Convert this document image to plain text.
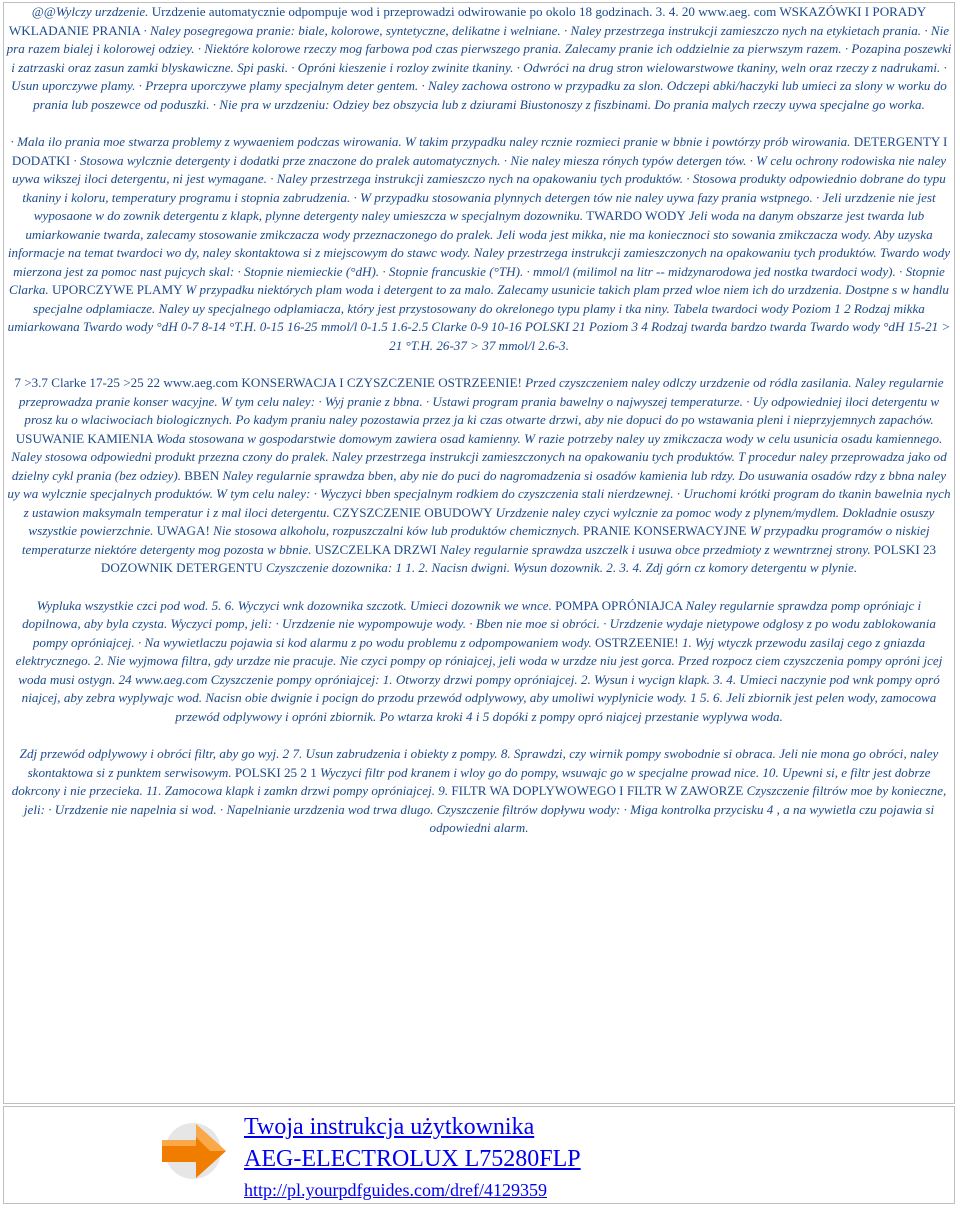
@@Wylczy urzdzenie. Urzdzenie automatycznie odpompuje wod i przeprowadzi odwirowanie po okolo 18 godzinach. 3. 4. 20 www.aeg. com WSKAZÓWKI I PORADY WKLADANIE PRANIA · Naley posegregowa pranie: biale, kolorowe, syntetyczne, delikatne i welniane. · Naley przestrzega instrukcji zamieszczo nych na etykietach prania. · Nie pra razem bialej i kolorowej odziey. · Niektóre kolorowe rzeczy mog farbowa pod czas pierwszego prania. Zalecamy pranie ich oddzielnie za pierwszym razem. · Pozapina poszewki i zatrzaski oraz zasun zamki blyskawiczne. Spi paski. · Opróni kieszenie i rozloy zwinite tkaniny. · Odwróci na drug stron wielowarstwowe tkaniny, weln oraz rzeczy z nadrukami. · Usun uporczywe plamy. · Przepra uporczywe plamy specjalnym deter gentem. · Naley zachowa ostrono w przypadku za slon. Odczepi abki/haczyki lub umieci za slony w worku do prania lub poszewce od poduszki. · Nie pra w urzdzeniu: Odziey bez obszycia lub z dziurami Biustonoszy z fiszbinami. Do prania malych rzeczy uywa specjalne go worka.

· Mala ilo prania moe stwarza problemy z wywaeniem podczas wirowania. W takim przypadku naley rcznie rozmieci pranie w bbnie i powtórzy prób wirowania. DETERGENTY I DODATKI · Stosowa wylcznie detergenty i dodatki prze znaczone do pralek automatycznych. · Nie naley miesza rónych typów detergen tów. · W celu ochrony rodowiska nie naley uywa wikszej iloci detergentu, ni jest wymagane. · Naley przestrzega instrukcji zamieszczo nych na opakowaniu tych produktów. · Stosowa produkty odpowiednio dobrane do typu tkaniny i koloru, temperatury programu i stopnia zabrudzenia. · W przypadku stosowania plynnych detergen tów nie naley uywa fazy prania wstpnego. · Jeli urzdzenie nie jest wyposaone w do zownik detergentu z klapk, plynne detergenty naley umieszcza w specjalnym dozowniku. TWARDO WODY Jeli woda na danym obszarze jest twarda lub umiarkowanie twarda, zalecamy stosowanie zmikczacza wody przeznaczonego do pralek. Jeli woda jest mikka, nie ma koniecznoci sto sowania zmikczacza wody. Aby uzyska informacje na temat twardoci wo dy, naley skontaktowa si z miejscowym do stawc wody. Naley przestrzega instrukcji zamieszczonych na opakowaniu tych produktów. Twardo wody mierzona jest za pomoc nast pujcych skal: · Stopnie niemieckie (°dH). · Stopnie francuskie (°TH). · mmol/l (milimol na litr -- midzynarodowa jed nostka twardoci wody). · Stopnie Clarka. UPORCZYWE PLAMY W przypadku niektórych plam woda i detergent to za malo. Zalecamy usunicie takich plam przed wloe niem ich do urzdzenia. Dostpne s w handlu specjalne odplamiacze. Naley uy specjalnego odplamiacza, który jest przystosowany do okrelonego typu plamy i tka niny. Tabela twardoci wody Poziom 1 2 Rodzaj mikka umiarkowana Twardo wody °dH 0-7 8-14 °T.H. 0-15 16-25 mmol/l 0-1.5 1.6-2.5 Clarke 0-9 10-16 POLSKI 21 Poziom 3 4 Rodzaj twarda bardzo twarda Twardo wody °dH 15-21 > 21 °T.H. 26-37 > 37 mmol/l 2.6-3.

7 >3.7 Clarke 17-25 >25 22 www.aeg.com KONSERWACJA I CZYSZCZENIE OSTRZEENIE! Przed czyszczeniem naley odlczy urzdzenie od ródla zasilania. Naley regularnie przeprowadza pranie konser wacyjne. W tym celu naley: · Wyj pranie z bbna. · Ustawi program prania bawelny o najwyszej temperaturze. · Uy odpowiedniej iloci detergentu w prosz ku o wlaciwociach biologicznych. Po kadym praniu naley pozostawia przez ja ki czas otwarte drzwi, aby nie dopuci do po wstawania pleni i nieprzyjemnych zapachów. USUWANIE KAMIENIA Woda stosowana w gospodarstwie domowym zawiera osad kamienny. W razie potrzeby naley uy zmikczacza wody w celu usunicia osadu kamiennego. Naley stosowa odpowiedni produkt przezna czony do pralek. Naley przestrzega instrukcji zamieszczonych na opakowaniu tych produktów. T procedur naley przeprowadza jako od dzielny cykl prania (bez odziey). BBEN Naley regularnie sprawdza bben, aby nie do puci do nagromadzenia si osadów kamienia lub rdzy. Do usuwania osadów rdzy z bbna naley uy wa wylcznie specjalnych produktów. W tym celu naley: · Wyczyci bben specjalnym rodkiem do czyszczenia stali nierdzewnej. · Uruchomi krótki program do tkanin bawelnia nych z ustawion maksymaln temperatur i z mal iloci detergentu. CZYSZCZENIE OBUDOWY Urzdzenie naley czyci wylcznie za pomoc wody z plynem/mydlem. Dokladnie osuszy wszystkie powierzchnie. UWAGA! Nie stosowa alkoholu, rozpuszczalni ków lub produktów chemicznych. PRANIE KONSERWACYJNE W przypadku programów o niskiej temperaturze niektóre detergenty mog pozosta w bbnie. USZCZELKA DRZWI Naley regularnie sprawdza uszczelk i usuwa obce przedmioty z wewntrznej strony. POLSKI 23 DOZOWNIK DETERGENTU Czyszczenie dozownika: 1 1. 2. Nacisn dwigni. Wysun dozownik. 2. 3. 4. Zdj górn cz komory detergentu w plynie.

Wypluka wszystkie czci pod wod. 5. 6. Wyczyci wnk dozownika szczotk. Umieci dozownik we wnce. POMPA OPRÓNIAJCA Naley regularnie sprawdza pomp opróniajc i dopilnowa, aby byla czysta. Wyczyci pomp, jeli: · Urzdzenie nie wypompowuje wody. · Bben nie moe si obróci. · Urzdzenie wydaje nietypowe odglosy z po wodu zablokowania pompy opróniajcej. · Na wywietlaczu pojawia si kod alarmu z po wodu problemu z odpompowaniem wody. OSTRZEENIE! 1. Wyj wtyczk przewodu zasilaj cego z gniazda elektrycznego. 2. Nie wyjmowa filtra, gdy urzdze nie pracuje. Nie czyci pompy op róniajcej, jeli woda w urzdze niu jest gorca. Przed rozpocz ciem czyszczenia pompy opróni jcej woda musi ostygn. 24 www.aeg.com Czyszczenie pompy opróniajcej: 1. Otworzy drzwi pompy opróniajcej. 2. Wysun i wycign klapk. 3. 4. Umieci naczynie pod wnk pompy opró niajcej, aby zebra wyplywajc wod. Nacisn obie dwignie i pocign do przodu przewód odplywowy, aby umoliwi wyplynicie wody. 1 5. 6. Jeli zbiornik jest pelen wody, zamocowa przewód odplywowy i opróni zbiornik. Po wtarza kroki 4 i 5 dopóki z pompy opró niajcej przestanie wyplywa woda.

Zdj przewód odplywowy i obróci filtr, aby go wyj. 2 7. Usun zabrudzenia i obiekty z pompy. 8. Sprawdzi, czy wirnik pompy swobodnie si obraca. Jeli nie mona go obróci, naley skontaktowa si z punktem serwisowym. POLSKI 25 2 1 Wyczyci filtr pod kranem i wloy go do pompy, wsuwajc go w specjalne prowad nice. 10. Upewni si, e filtr jest dobrze dokrcony i nie przecieka. 11. Zamocowa klapk i zamkn drzwi pompy opróniajcej. 9. FILTR WA DOPLYWOWEGO I FILTR W ZAWORZE Czyszczenie filtrów moe by konieczne, jeli: · Urzdzenie nie napelnia si wod. · Napelnianie urzdzenia wod trwa dlugo. Czyszczenie filtrów dopływu wody: · Miga kontrolka przycisku 4 , a na wywietla czu pojawia si odpowiedni alarm.

Twoja instrukcja użytkownika
AEG-ELECTROLUX L75280FLP
http://pl.yourpdfguides.com/dref/4129359
